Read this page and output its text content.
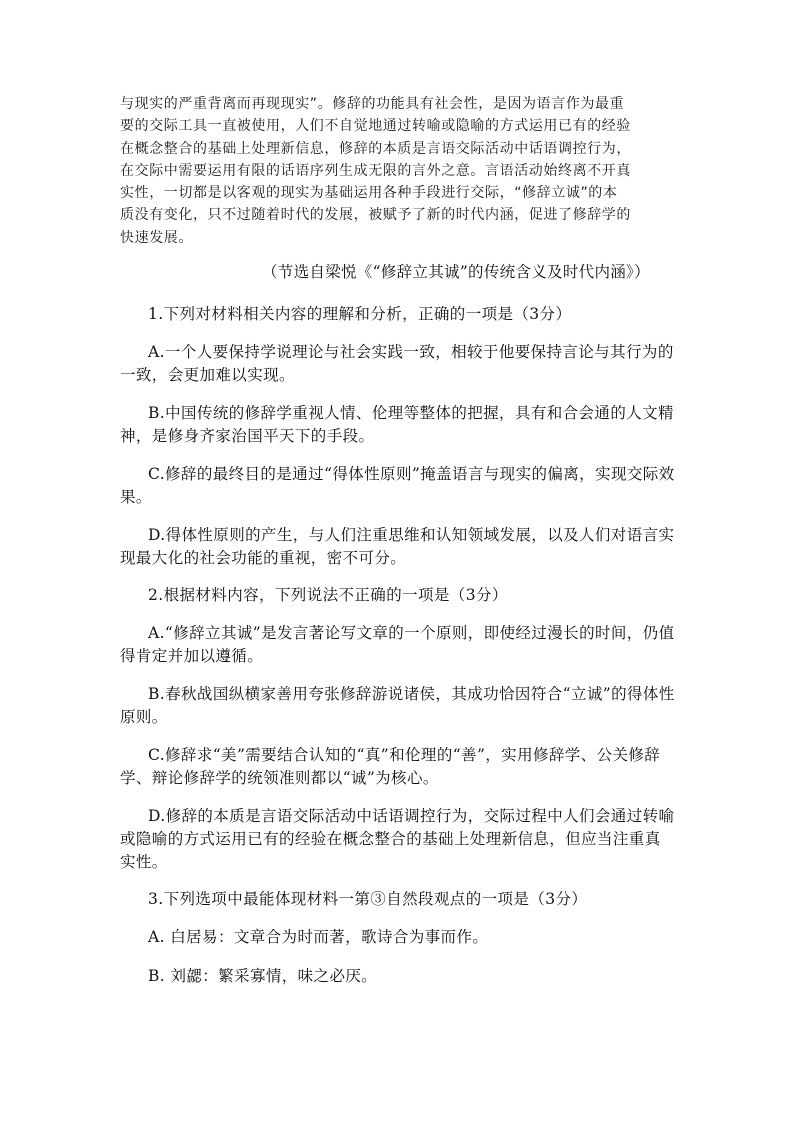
与现实的严重背离而再现现实”。修辞的功能具有社会性，是因为语言作为最重
要的交际工具一直被使用，人们不自觉地通过转喻或隐喻的方式运用已有的经验
在概念整合的基础上处理新信息，修辞的本质是言语交际活动中话语调控行为，
在交际中需要运用有限的话语序列生成无限的言外之意。言语活动始终离不开真
实性，一切都是以客观的现实为基础运用各种手段进行交际，“修辞立诚”的本
质没有变化，只不过随着时代的发展，被赋予了新的时代内涵，促进了修辞学的
快速发展。
（节选自梁悦《“修辞立其诚”的传统含义及时代内涵》）
1.下列对材料相关内容的理解和分析，正确的一项是（3分）
A.一个人要保持学说理论与社会实践一致，相较于他要保持言论与其行为的一致，会更加难以实现。
B.中国传统的修辞学重视人情、伦理等整体的把握，具有和合会通的人文精神，是修身齐家治国平天下的手段。
C.修辞的最终目的是通过“得体性原则”掩盖语言与现实的偏离，实现交际效果。
D.得体性原则的产生，与人们注重思维和认知领域发展，以及人们对语言实现最大化的社会功能的重视，密不可分。
2.根据材料内容，下列说法不正确的一项是（3分）
A.“修辞立其诚”是发言著论写文章的一个原则，即使经过漫长的时间，仍值得肯定并加以遵循。
B.春秋战国纵横家善用夸张修辞游说诸侯，其成功恰因符合“立诚”的得体性原则。
C.修辞求“美”需要结合认知的“真”和伦理的“善”，实用修辞学、公关修辞学、辩论修辞学的统领准则都以“诚”为核心。
D.修辞的本质是言语交际活动中话语调控行为，交际过程中人们会通过转喻或隐喻的方式运用已有的经验在概念整合的基础上处理新信息，但应当注重真实性。
3.下列选项中最能体现材料一第③自然段观点的一项是（3分）
A. 白居易：文章合为时而著，歌诗合为事而作。
B. 刘勰：繁采寡情，味之必厌。
